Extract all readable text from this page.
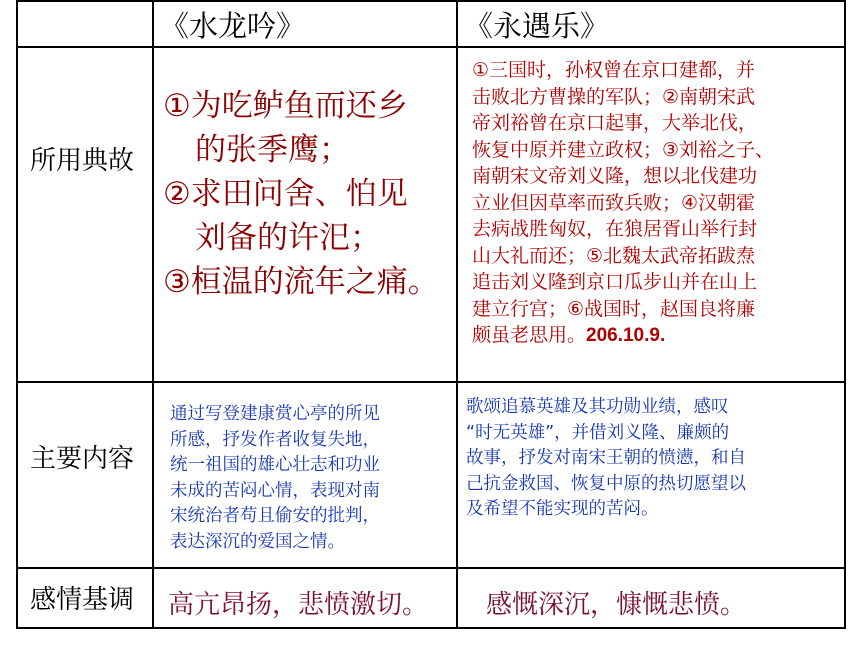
《水龙吟》	《永遇乐》
所用典故

①为吃鲈鱼而还乡

的张季鹰；

②求田问舍、怕见

刘备的许汜；

③桓温的流年之痛。

①三国时，孙权曾在京口建都，并
击败北方曹操的军队；②南朝宋武
帝刘裕曾在京口起事，大举北伐，
恢复中原并建立政权；③刘裕之子、
南朝宋文帝刘义隆，想以北伐建功
立业但因草率而致兵败；④汉朝霍
去病战胜匈奴，在狼居胥山举行封
山大礼而还；⑤北魏太武帝拓跋焘
追击刘义隆到京口瓜步山并在山上
建立行宫；⑥战国时，赵国良将廉
颇虽老思用。206.10.9.
主要内容
通过写登建康赏心亭的所见
所感，抒发作者收复失地，
统一祖国的雄心壮志和功业
未成的苦闷心情，表现对南
宋统治者苟且偷安的批判，
表达深沉的爱国之情。
歌颂追慕英雄及其功勋业绩，感叹
“时无英雄”，并借刘义隆、廉颇的
故事，抒发对南宋王朝的愤懑，和自
己抗金救国、恢复中原的热切愿望以
及希望不能实现的苦闷。
感情基调 高亢昂扬，悲愤激切。 感慨深沉，慷慨悲愤。
